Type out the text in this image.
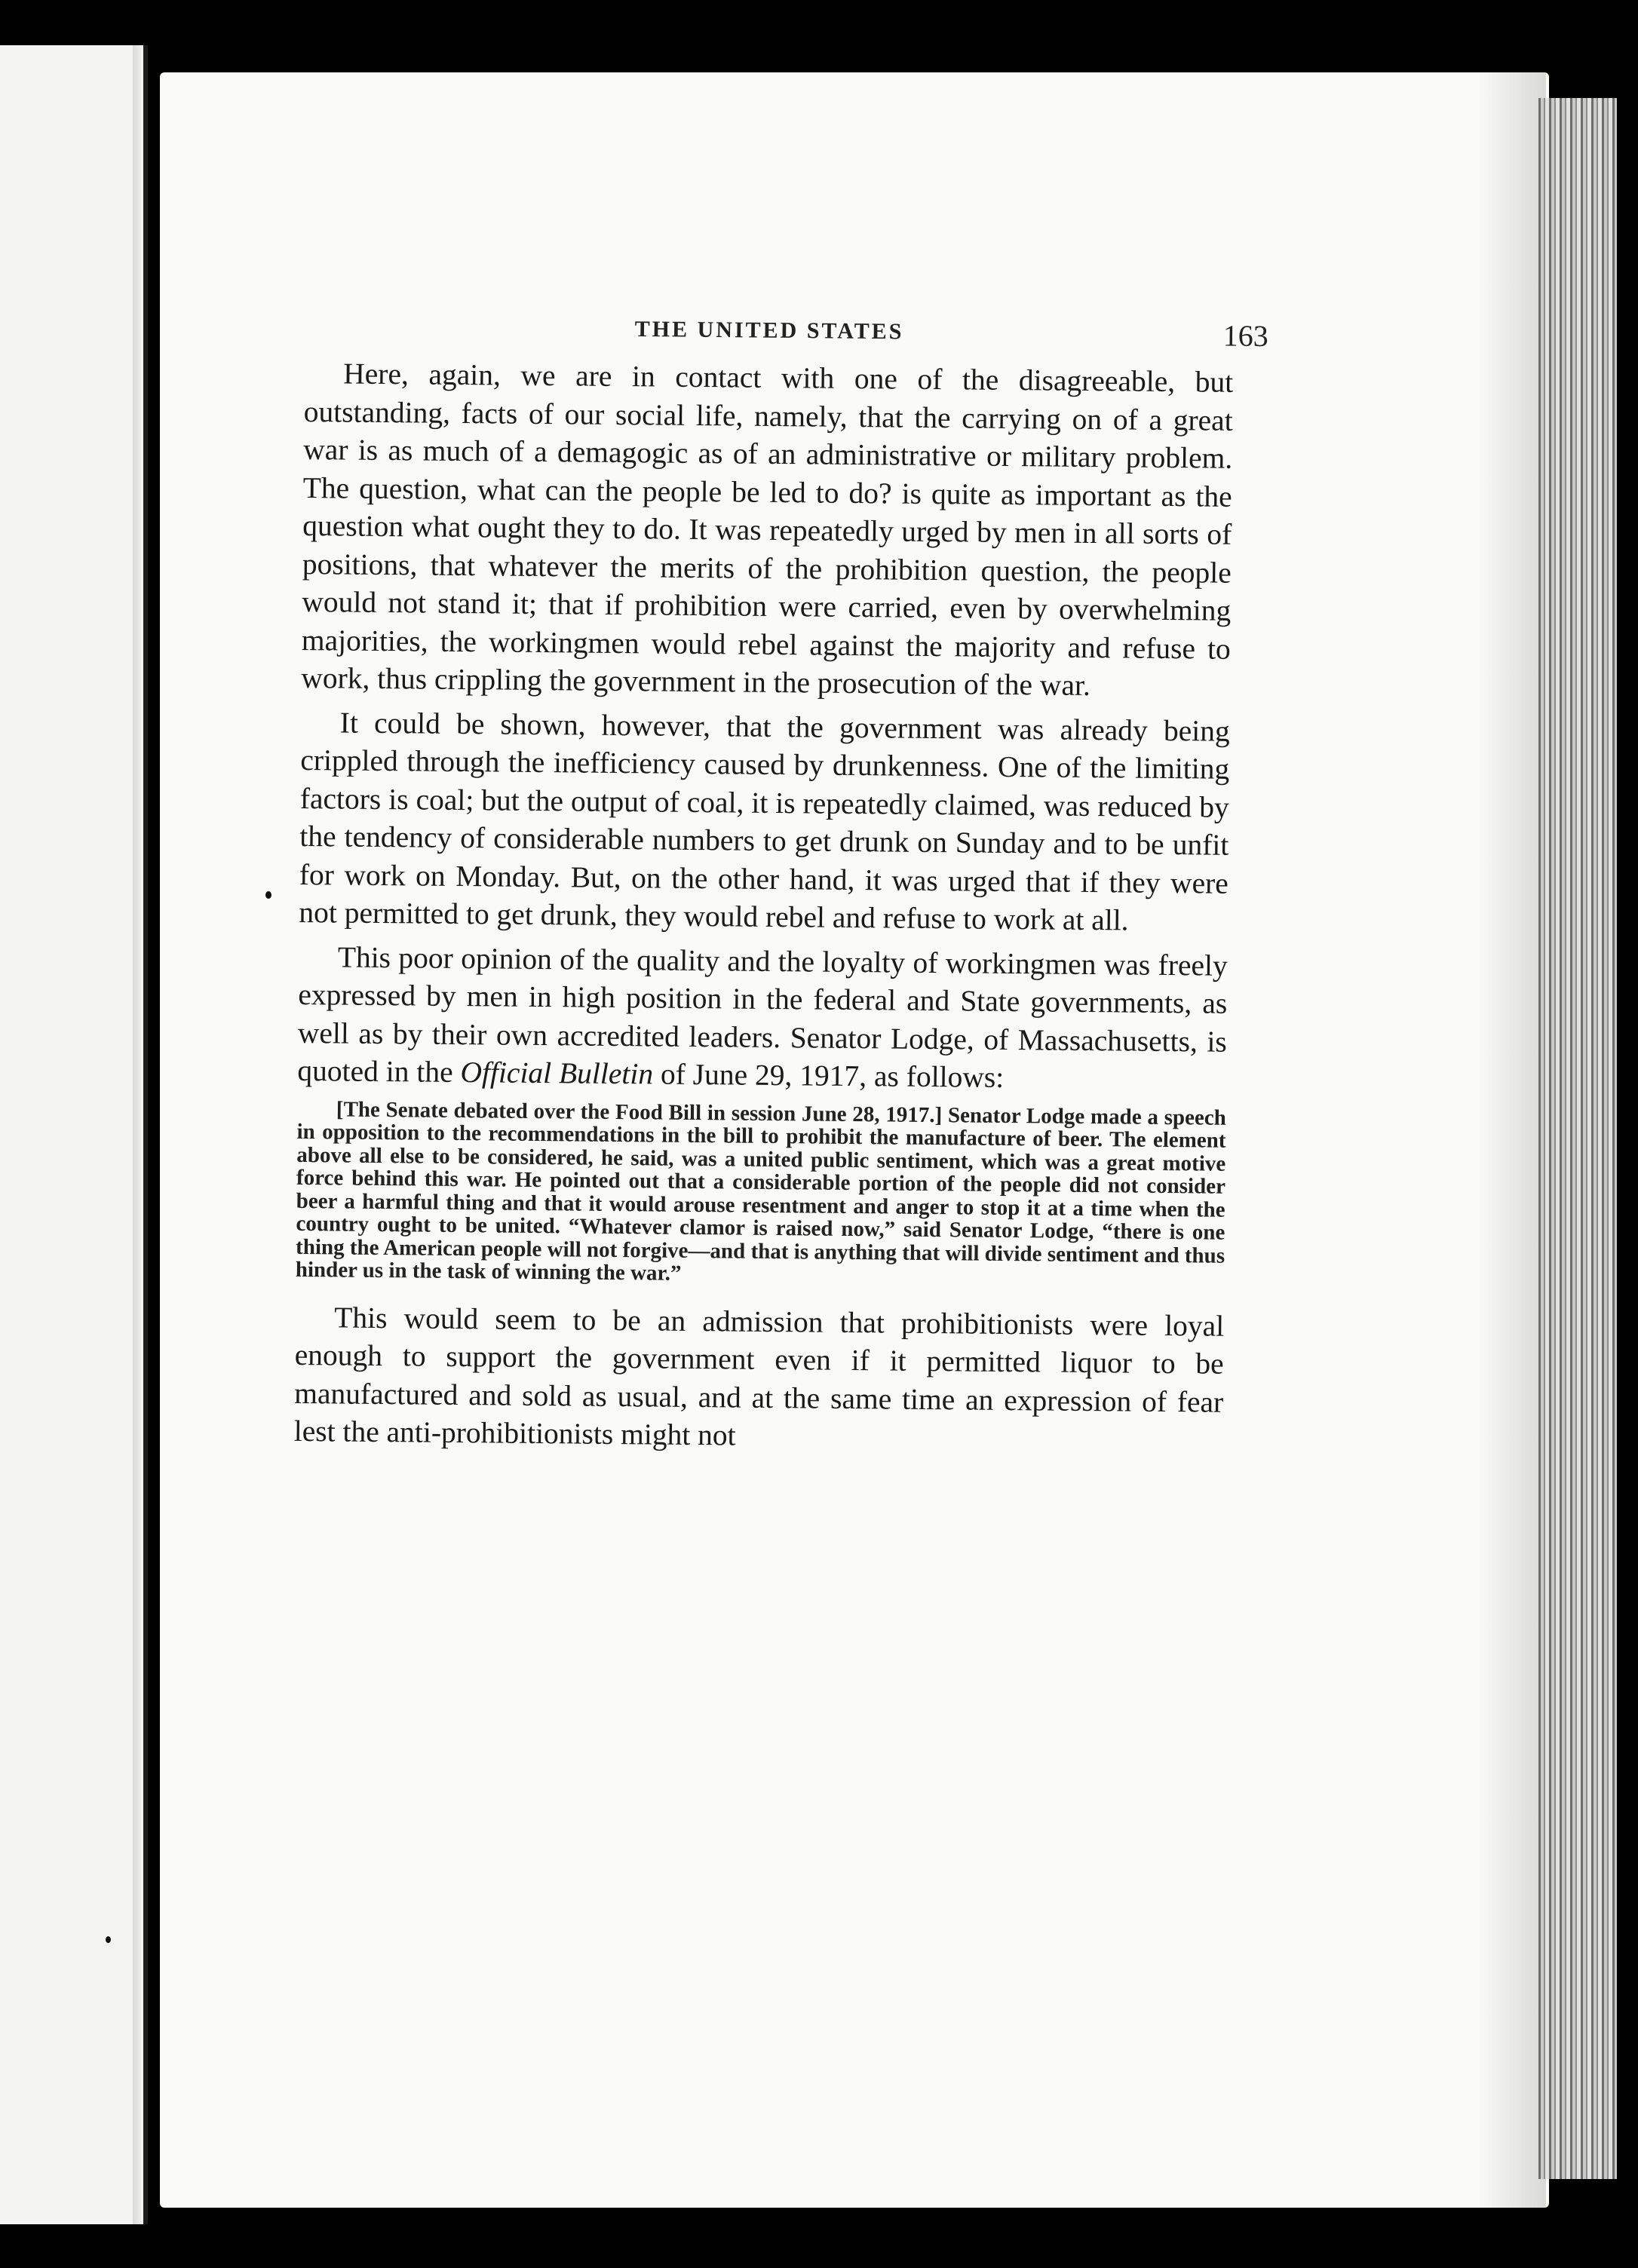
THE UNITED STATES	163

Here, again, we are in contact with one of the disagreeable, but outstanding, facts of our social life, namely, that the carrying on of a great war is as much of a demagogic as of an administrative or military problem. The question, what can the people be led to do? is quite as important as the question what ought they to do. It was repeatedly urged by men in all sorts of positions, that whatever the merits of the prohibition question, the people would not stand it; that if prohibition were carried, even by overwhelming majorities, the workingmen would rebel against the majority and refuse to work, thus crippling the government in the prosecution of the war.

It could be shown, however, that the government was already being crippled through the inefficiency caused by drunkenness. One of the limiting factors is coal; but the output of coal, it is repeatedly claimed, was reduced by the tendency of considerable numbers to get drunk on Sunday and to be unfit for work on Monday. But, on the other hand, it was urged that if they were not permitted to get drunk, they would rebel and refuse to work at all.

This poor opinion of the quality and the loyalty of workingmen was freely expressed by men in high position in the federal and State governments, as well as by their own accredited leaders. Senator Lodge, of Massachusetts, is quoted in the Official Bulletin of June 29, 1917, as follows:

[The Senate debated over the Food Bill in session June 28, 1917.] Senator Lodge made a speech in opposition to the recommendations in the bill to prohibit the manufacture of beer. The element above all else to be considered, he said, was a united public sentiment, which was a great motive force behind this war. He pointed out that a considerable portion of the people did not consider beer a harmful thing and that it would arouse resentment and anger to stop it at a time when the country ought to be united. “Whatever clamor is raised now,” said Senator Lodge, “there is one thing the American people will not forgive—and that is anything that will divide sentiment and thus hinder us in the task of winning the war.”

This would seem to be an admission that prohibitionists were loyal enough to support the government even if it permitted liquor to be manufactured and sold as usual, and at the same time an expression of fear lest the anti-prohibitionists might not
